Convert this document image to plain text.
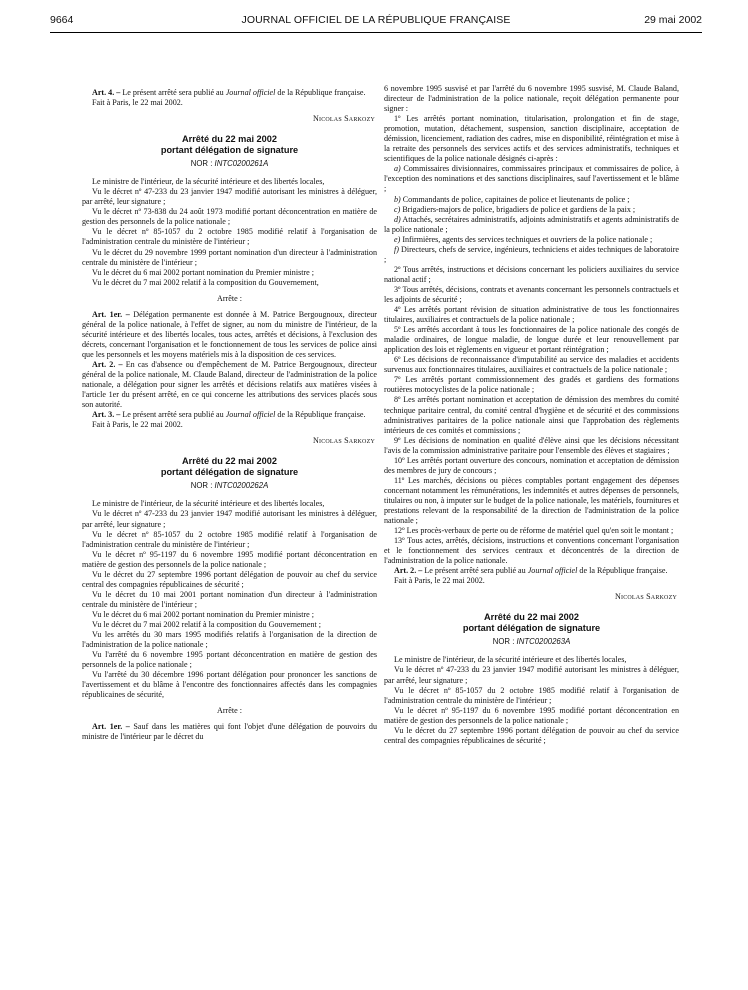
9664	JOURNAL OFFICIEL DE LA RÉPUBLIQUE FRANÇAISE	29 mai 2002

Art. 4. – Le présent arrêté sera publié au Journal officiel de la République française.

Fait à Paris, le 22 mai 2002.

Nicolas Sarkozy

Arrêté du 22 mai 2002
portant délégation de signature
NOR : INTC0200261A

Le ministre de l'intérieur, de la sécurité intérieure et des libertés locales,

Vu le décret nº 47-233 du 23 janvier 1947 modifié autorisant les ministres à déléguer, par arrêté, leur signature ;

Vu le décret nº 73-838 du 24 août 1973 modifié portant déconcentration en matière de gestion des personnels de la police nationale ;

Vu le décret nº 85-1057 du 2 octobre 1985 modifié relatif à l'organisation de l'administration centrale du ministère de l'intérieur ;

Vu le décret du 29 novembre 1999 portant nomination d'un directeur à l'administration centrale du ministère de l'intérieur ;

Vu le décret du 6 mai 2002 portant nomination du Premier ministre ;

Vu le décret du 7 mai 2002 relatif à la composition du Gouvernement,

Arrête :

Art. 1er. – Délégation permanente est donnée à M. Patrice Bergougnoux, directeur général de la police nationale, à l'effet de signer, au nom du ministre de l'intérieur, de la sécurité intérieure et des libertés locales, tous actes, arrêtés et décisions, à l'exclusion des décrets, concernant l'organisation et le fonctionnement de tous les services de police ainsi que les personnels et les moyens matériels mis à la disposition de ces services.

Art. 2. – En cas d'absence ou d'empêchement de M. Patrice Bergougnoux, directeur général de la police nationale, M. Claude Baland, directeur de l'administration de la police nationale, a délégation pour signer les arrêtés et décisions relatifs aux matières visées à l'article 1er du présent arrêté, en ce qui concerne les attributions des services placés sous son autorité.

Art. 3. – Le présent arrêté sera publié au Journal officiel de la République française.

Fait à Paris, le 22 mai 2002.

Nicolas Sarkozy

Arrêté du 22 mai 2002
portant délégation de signature
NOR : INTC0200262A

Le ministre de l'intérieur, de la sécurité intérieure et des libertés locales,

Vu le décret nº 47-233 du 23 janvier 1947 modifié autorisant les ministres à déléguer, par arrêté, leur signature ;

Vu le décret nº 85-1057 du 2 octobre 1985 modifié relatif à l'organisation de l'administration centrale du ministère de l'intérieur ;

Vu le décret nº 95-1197 du 6 novembre 1995 modifié portant déconcentration en matière de gestion des personnels de la police nationale ;

Vu le décret du 27 septembre 1996 portant délégation de pouvoir au chef du service central des compagnies républicaines de sécurité ;

Vu le décret du 10 mai 2001 portant nomination d'un directeur à l'administration centrale du ministère de l'intérieur ;

Vu le décret du 6 mai 2002 portant nomination du Premier ministre ;

Vu le décret du 7 mai 2002 relatif à la composition du Gouvernement ;

Vu les arrêtés du 30 mars 1995 modifiés relatifs à l'organisation de la direction de l'administration de la police nationale ;

Vu l'arrêté du 6 novembre 1995 portant déconcentration en matière de gestion des personnels de la police nationale ;

Vu l'arrêté du 30 décembre 1996 portant délégation pour prononcer les sanctions de l'avertissement et du blâme à l'encontre des fonctionnaires affectés dans les compagnies républicaines de sécurité,

Arrête :

Art. 1er. – Sauf dans les matières qui font l'objet d'une délégation de pouvoirs du ministre de l'intérieur par le décret du

6 novembre 1995 susvisé et par l'arrêté du 6 novembre 1995 susvisé, M. Claude Baland, directeur de l'administration de la police nationale, reçoit délégation permanente pour signer :

1º Les arrêtés portant nomination, titularisation, prolongation et fin de stage, promotion, mutation, détachement, suspension, sanction disciplinaire, acceptation de démission, licenciement, radiation des cadres, mise en disponibilité, réintégration et mise à la retraite des personnels des services actifs et des services administratifs, techniques et scientifiques de la police nationale désignés ci-après :

a) Commissaires divisionnaires, commissaires principaux et commissaires de police, à l'exception des nominations et des sanctions disciplinaires, sauf l'avertissement et le blâme ;

b) Commandants de police, capitaines de police et lieutenants de police ;

c) Brigadiers-majors de police, brigadiers de police et gardiens de la paix ;

d) Attachés, secrétaires administratifs, adjoints administratifs et agents administratifs de la police nationale ;

e) Infirmières, agents des services techniques et ouvriers de la police nationale ;

f) Directeurs, chefs de service, ingénieurs, techniciens et aides techniques de laboratoire ;

2º Tous arrêtés, instructions et décisions concernant les policiers auxiliaires du service national actif ;

3º Tous arrêtés, décisions, contrats et avenants concernant les personnels contractuels et les adjoints de sécurité ;

4º Les arrêtés portant révision de situation administrative de tous les fonctionnaires titulaires, auxiliaires et contractuels de la police nationale ;

5º Les arrêtés accordant à tous les fonctionnaires de la police nationale des congés de maladie ordinaires, de longue maladie, de longue durée et leur renouvellement par application des lois et règlements en vigueur et portant réintégration ;

6º Les décisions de reconnaissance d'imputabilité au service des maladies et accidents survenus aux fonctionnaires titulaires, auxiliaires et contractuels de la police nationale ;

7º Les arrêtés portant commissionnement des gradés et gardiens des formations routières motocyclistes de la police nationale ;

8º Les arrêtés portant nomination et acceptation de démission des membres du comité technique paritaire central, du comité central d'hygiène et de sécurité et des commissions administratives paritaires de la police nationale ainsi que l'approbation des règlements intérieurs de ces comités et commissions ;

9º Les décisions de nomination en qualité d'élève ainsi que les décisions nécessitant l'avis de la commission administrative paritaire pour l'ensemble des élèves et stagiaires ;

10º Les arrêtés portant ouverture des concours, nomination et acceptation de démission des membres de jury de concours ;

11º Les marchés, décisions ou pièces comptables portant engagement des dépenses concernant notamment les rémunérations, les indemnités et autres dépenses de personnels, titulaires ou non, à imputer sur le budget de la police nationale, les matériels, fournitures et prestations relevant de la responsabilité de la direction de l'administration de la police nationale ;

12º Les procès-verbaux de perte ou de réforme de matériel quel qu'en soit le montant ;

13º Tous actes, arrêtés, décisions, instructions et conventions concernant l'organisation et le fonctionnement des services centraux et déconcentrés de la direction de l'administration de la police nationale.

Art. 2. – Le présent arrêté sera publié au Journal officiel de la République française.

Fait à Paris, le 22 mai 2002.

Nicolas Sarkozy

Arrêté du 22 mai 2002
portant délégation de signature
NOR : INTC0200263A

Le ministre de l'intérieur, de la sécurité intérieure et des libertés locales,

Vu le décret nº 47-233 du 23 janvier 1947 modifié autorisant les ministres à déléguer, par arrêté, leur signature ;

Vu le décret nº 85-1057 du 2 octobre 1985 modifié relatif à l'organisation de l'administration centrale du ministère de l'intérieur ;

Vu le décret nº 95-1197 du 6 novembre 1995 modifié portant déconcentration en matière de gestion des personnels de la police nationale ;

Vu le décret du 27 septembre 1996 portant délégation de pouvoir au chef du service central des compagnies républicaines de sécurité ;
